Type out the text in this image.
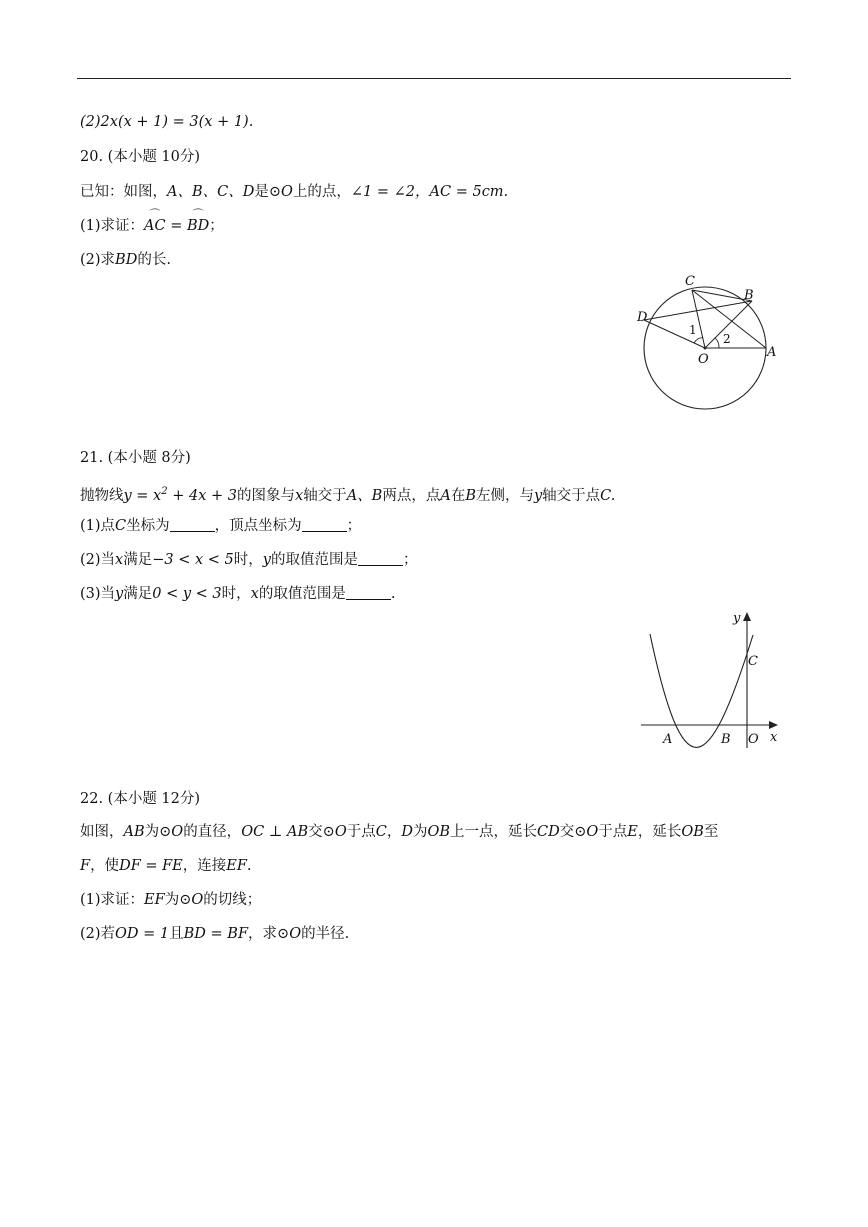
(2)2x(x + 1) = 3(x + 1).
20. (本小题 10分)
已知：如图，A、B、C、D是⊙O上的点，∠1 = ∠2，AC = 5cm.
(1)求证：⌒ AC = ⌒ BD；
(2)求BD的长.
C
B
D
A
O
1
2
21. (本小题 8分)
抛物线$y = x^2 + 4x + 3$的图象与x轴交于A、B两点，点A在B左侧，与y轴交于点C.
(1)点C坐标为	，顶点坐标为	；
(2)当x满足−3 < x < 5时，y的取值范围是	；
(3)当y满足0 < y < 3时，x的取值范围是	.
y
x
C
A	B O
22. (本小题 12分)
如图，AB为⊙O的直径，OC ⊥ AB交⊙O于点C，D为OB上一点，延长CD交⊙O于点E，延长OB至
F，使DF = FE，连接EF.
(1)求证：EF为⊙O的切线；
(2)若OD = 1且BD = BF，求⊙O的半径.
